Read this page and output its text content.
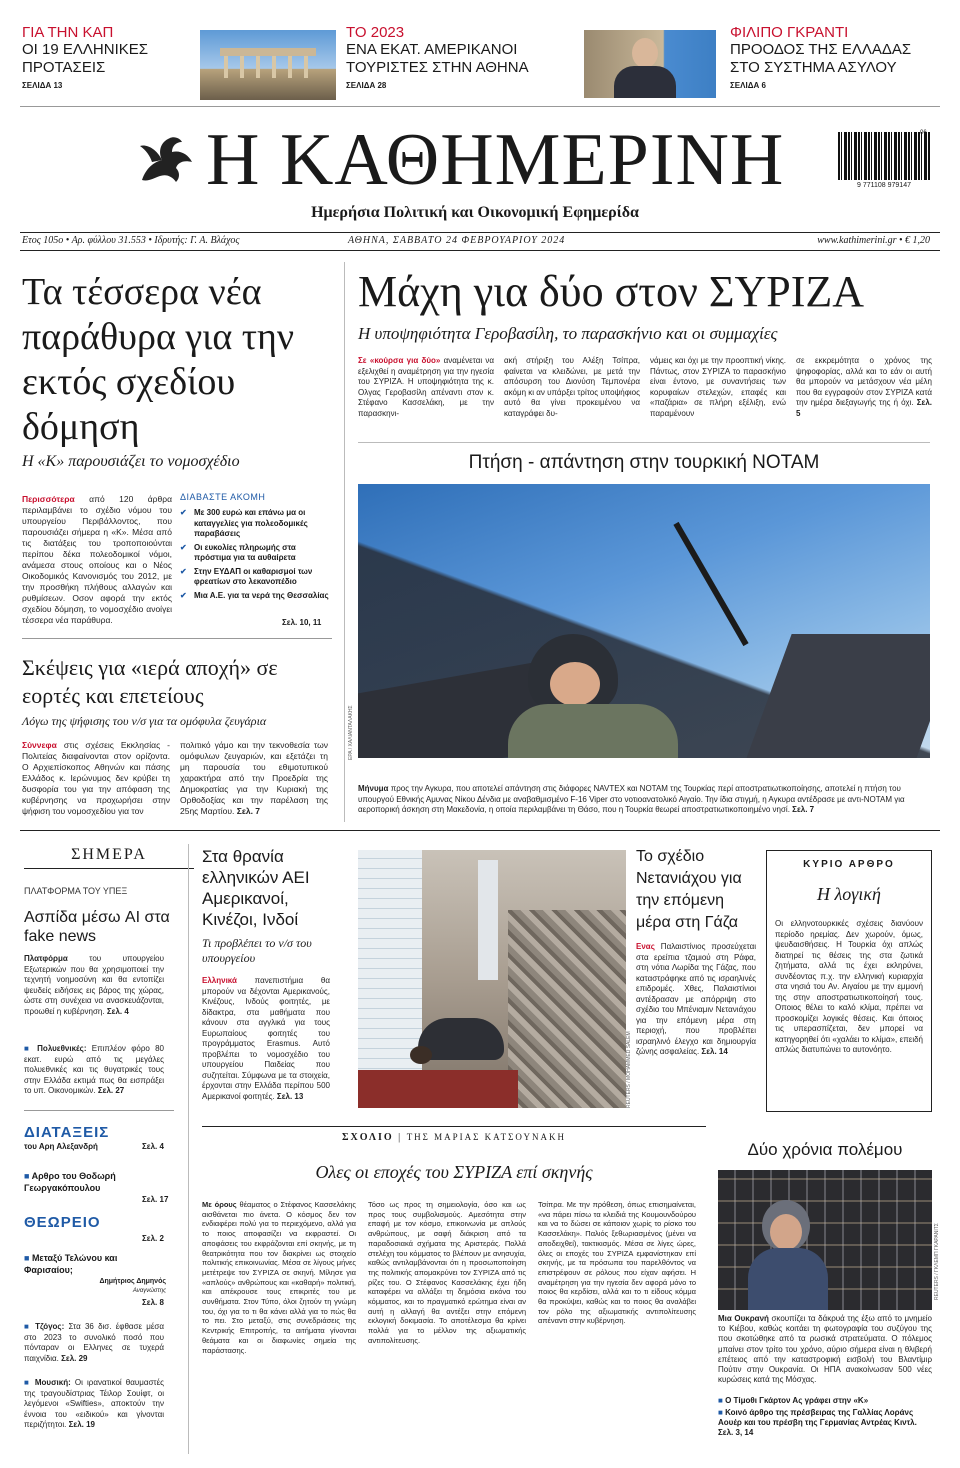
ΓΙΑ ΤΗΝ ΚΑΠ
ΟΙ 19 ΕΛΛΗΝΙΚΕΣ ΠΡΟΤΑΣΕΙΣ
ΣΕΛΙΔΑ 13
ΤΟ 2023
ΕΝΑ ΕΚΑΤ. ΑΜΕΡΙΚΑΝΟΙ ΤΟΥΡΙΣΤΕΣ ΣΤΗΝ ΑΘΗΝΑ
ΣΕΛΙΔΑ 28
ΦΙΛΙΠΟ ΓΚΡΑΝΤΙ
ΠΡΟΟΔΟΣ ΤΗΣ ΕΛΛΑΔΑΣ ΣΤΟ ΣΥΣΤΗΜΑ ΑΣΥΛΟΥ
ΣΕΛΙΔΑ 6
Η ΚΑΘΗΜΕΡΙΝΗ
Ημερήσια Πολιτική και Οικονομική Εφημερίδα
06
9 771108 979147
Ετος 105ο • Αρ. φύλλου 31.553 • Ιδρυτής: Γ. Α. Βλάχος	ΑΘΗΝΑ, ΣΑΒΒΑΤΟ 24 ΦΕΒΡΟΥΑΡΙΟΥ 2024	www.kathimerini.gr • € 1,20
Τα τέσσερα νέα παράθυρα για την εκτός σχεδίου δόμηση
Η «Κ» παρουσιάζει το νομοσχέδιο
Περισσότερα από 120 άρθρα περιλαμβάνει το σχέδιο νόμου του υπουργείου Περιβάλλοντος, που παρουσιάζει σήμερα η «Κ». Μέσα από τις διατάξεις του τροποποιούνται περίπου δέκα πολεοδομικοί νόμοι, ανάμεσα στους οποίους και ο Νέος Οικοδομικός Κανονισμός του 2012, με την προσθήκη πλήθους αλλαγών και ρυθμίσεων. Οσον αφορά την εκτός σχεδίου δόμηση, το νομοσχέδιο ανοίγει τέσσερα νέα παράθυρα.
ΔΙΑΒΑΣΤΕ ΑΚΟΜΗ
✔ Με 300 ευρώ και επάνω μα οι καταγγελίες για πολεοδομικές παραβάσεις
✔ Οι ευκολίες πληρωμής στα πρόστιμα για τα αυθαίρετα
✔ Στην ΕΥΔΑΠ οι καθαρισμοί των φρεατίων στο λεκανοπέδιο
✔ Μια Α.Ε. για τα νερά της Θεσσαλίας
Σελ. 10, 11
Σκέψεις για «ιερά αποχή» σε εορτές και επετείους
Λόγω της ψήφισης του ν/σ για τα ομόφυλα ζευγάρια
Σύννεφα στις σχέσεις Εκκλησίας - Πολιτείας διαφαίνονται στον ορίζοντα. Ο Αρχιεπίσκοπος Αθηνών και πάσης Ελλάδος κ. Ιερώνυμος δεν κρύβει τη δυσφορία του για την απόφαση της κυβέρνησης να προχωρήσει στην ψήφιση του νομοσχεδίου για τον
πολιτικό γάμο και την τεκνοθεσία των ομόφυλων ζευγαριών, και εξετάζει τη μη παρουσία του εθιμοτυπικού χαρακτήρα από την Προεδρία της Δημοκρατίας για την Κυριακή της Ορθοδοξίας και την παρέλαση της 25ης Μαρτίου. Σελ. 7
Μάχη για δύο στον ΣΥΡΙΖΑ
Η υποψηφιότητα Γεροβασίλη, το παρασκήνιο και οι συμμαχίες
Σε «κούρσα για δύο» αναμένεται να εξελιχθεί η αναμέτρηση για την ηγεσία του ΣΥΡΙΖΑ. Η υποψηφιότητα της κ. Ολγας Γεροβασίλη απέναντι στον κ. Στέφανο Κασσελάκη, με την παρασκηνι-
ακή στήριξη του Αλέξη Τσίπρα, φαίνεται να κλειδώνει, με μετά την απόσυρση του Διονύση Τεμπονέρα ακόμη κι αν υπάρξει τρίτος υποψήφιος αυτό θα γίνει προκειμένου να καταγράφει δυ-
νάμεις και όχι με την προοπτική νίκης. Πάντως, στον ΣΥΡΙΖΑ το παρασκήνιο είναι έντονο, με συναντήσεις των κορυφαίων στελεχών, επαφές και «παζάρια» σε πλήρη εξέλιξη, ενώ παραμένουν
σε εκκρεμότητα ο χρόνος της ψηφοφορίας, αλλά και το εάν οι αυτή θα μπορούν να μετάσχουν νέα μέλη που θα εγγραφούν στον ΣΥΡΙΖΑ κατά την ημέρα διεξαγωγής της ή όχι. Σελ. 5
Πτήση - απάντηση στην τουρκική NOTAM
EPA / ΧΑΛΙΑΝΤΑΛΑΚΗΣ
Μήνυμα προς την Αγκυρα, που αποτελεί απάντηση στις διάφορες NAVTEX και NOTAM της Τουρκίας περί αποστρατιωτικοποίησης, αποτελεί η πτήση του υπουργού Εθνικής Αμυνας Νίκου Δένδια με αναβαθμισμένο F-16 Viper στο νοτιοανατολικό Αιγαίο. Την ίδια στιγμή, η Αγκυρα αντέδρασε με αντι-NOTAM για αεροπορική άσκηση στη Μακεδονία, η οποία περιλαμβάνει τη Θάσο, που η Τουρκία θεωρεί αποστρατιωτικοποιημένο νησί. Σελ. 7
ΣΗΜΕΡΑ
ΠΛΑΤΦΟΡΜΑ ΤΟΥ ΥΠΕΞ
Ασπίδα μέσω AI στα fake news
Πλατφόρμα του υπουργείου Εξωτερικών που θα χρησιμοποιεί την τεχνητή νοημοσύνη και θα εντοπίζει ψευδείς ειδήσεις εις βάρος της χώρας, ώστε στη συνέχεια να ανασκευάζονται, προωθεί η κυβέρνηση. Σελ. 4
■ Πολυεθνικές: Επιπλέον φόρο 80 εκατ. ευρώ από τις μεγάλες πολυεθνικές και τις θυγατρικές τους στην Ελλάδα εκτιμά πως θα εισπράξει το υπ. Οικονομικών. Σελ. 27
ΔΙΑΤΑΞΕΙΣ
του Αρη Αλεξανδρή	Σελ. 4
■ Αρθρο του Θοδωρή Γεωργακόπουλου
Σελ. 17
ΘΕΩΡΕΙΟ
Σελ. 2
■ Μεταξύ Τελώνου και Φαρισαίου;
Δημήτριος Δημηνός
Αναγνώστης
Σελ. 8
■ Τζόγος: Στα 36 δισ. έφθασε μέσα στο 2023 το συνολικό ποσό που πόνταραν οι Ελληνες σε τυχερά παιχνίδια. Σελ. 29
■ Μουσική: Οι ιρανατικοί θαυμαστές της τραγουδίστριας Τέιλορ Σουίφτ, οι λεγόμενοι «Swifties», αποκτούν την έννοια του «ειδικού» και γίνονται περιζήτητοι. Σελ. 19
Στα θρανία ελληνικών ΑΕΙ Αμερικανοί, Κινέζοι, Ινδοί
Τι προβλέπει το ν/σ του υπουργείου
Ελληνικά πανεπιστήμια θα μπορούν να δέχονται Αμερικανούς, Κινέζους, Ινδούς φοιτητές, με δίδακτρα, στα μαθήματα που κάνουν στα αγγλικά για τους Ευρωπαίους φοιτητές του προγράμματος Erasmus. Αυτό προβλέπει το νομοσχέδιο του υπουργείου Παιδείας που συζητείται. Σύμφωνα με τα στοιχεία, έρχονται στην Ελλάδα περίπου 500 Αμερικανοί φοιτητές. Σελ. 13	REUTERS / MOHAMMED SALEM
Το σχέδιο Νετανιάχου για την επόμενη μέρα στη Γάζα
Ενας Παλαιστίνιος προσεύχεται στα ερείπια τζαμιού στη Ράφα, στη νότια Λωρίδα της Γάζας, που καταστράφηκε από τις ισραηλινές επιδρομές. Χθες, Παλαιστίνιοι αντέδρασαν με απόρριψη στο σχέδιο του Μπένιαμιν Νετανιάχου για την επόμενη μέρα στη περιοχή, που προβλέπει ισραηλινό έλεγχο και δημιουργία ζώνης ασφαλείας. Σελ. 14
ΚΥΡΙΟ ΑΡΘΡΟ
Η λογική
Οι ελληνοτουρκικές σχέσεις διανύουν περίοδο ηρεμίας. Δεν χωρούν, όμως, ψευδαισθήσεις. Η Τουρκία όχι απλώς διατηρεί τις θέσεις της στα ζωτικά ζητήματα, αλλά τις έχει εκληρύνει, συνδέοντας π.χ. την ελληνική κυριαρχία στα νησιά του Αν. Αιγαίου με την εμμονή της στην αποστρατιωτικοποίησή τους. Οποιος θέλει το καλό κλίμα, πρέπει να προσκομίζει λογικές θέσεις. Και όποιος τις υπερασπίζεται, δεν μπορεί να κατηγορηθεί ότι «χαλάει το κλίμα», επειδή απλώς διατυπώνει το αυτονόητο.
ΣΧΟΛΙΟ | ΤΗΣ ΜΑΡΙΑΣ ΚΑΤΣΟΥΝΑΚΗ
Ολες οι εποχές του ΣΥΡΙΖΑ επί σκηνής
Με όρους θέαματος ο Στέφανος Κασσελάκης αισθάνεται πιο άνετα. Ο κόσμος δεν τον ενδιαφέρει πολύ για το περιεχόμενο, αλλά για το ποιος αποφασίζει να εκφραστεί. Οι αποφάσεις του εκφράζονται επί σκηνής, με τη θεατρικότητα που τον διακρίνει ως στοιχείο πολιτικής επικοινωνίας. Μέσα σε λίγους μήνες μετέτρεψε τον ΣΥΡΙΖΑ σε σκηνή. Μίλησε για «απλούς» ανθρώπους και «καθαρή» πολιτική, και απέκρουσε τους επικριτές του με συνθήματα. Στον Τύπο, όλοι ζητούν τη γνώμη του, όχι για το τι θα κάνει αλλά για το πώς θα το πει. Στο μεταξύ, στις συνεδριάσεις της Κεντρικής Επιτροπής, τα αιτήματα γίνονται θεάματα και οι διαφωνίες σημεία της παράστασης.
Τόσο ως προς τη σημειολογία, όσο και ως προς τους συμβολισμούς. Αμεσότητα στην επαφή με τον κόσμο, επικοινωνία με απλούς ανθρώπους, με σαφή διάκριση από τα παραδοσιακά σχήματα της Αριστεράς. Πολλά στελέχη του κόμματος το βλέπουν με ανησυχία, καθώς αντιλαμβάνονται ότι η προσωποποίηση της πολιτικής απομακρύνει τον ΣΥΡΙΖΑ από τις ρίζες του. Ο Στέφανος Κασσελάκης έχει ήδη καταφέρει να αλλάξει τη δημόσια εικόνα του κόμματος, και το πραγματικό ερώτημα είναι αν αυτή η αλλαγή θα αντέξει στην επόμενη εκλογική δοκιμασία. Το αποτέλεσμα θα κρίνει πολλά για το μέλλον της αξιωματικής αντιπολίτευσης.
Τσίπρα. Με την πρόθεση, όπως επισημαίνεται, «να πάρει πίσω τα κλειδιά της Κουμουνδούρου και να το δώσει σε κάποιον χωρίς το ρίσκο του Κασσελάκη». Παλιός ξεθωριασμένος (μένει να αποδειχθεί), τακτικισμός. Μέσα σε λίγες ώρες, όλες οι εποχές του ΣΥΡΙΖΑ εμφανίστηκαν επί σκηνής, με τα πρόσωπα του παρελθόντος να επιστρέφουν σε ρόλους που είχαν αφήσει. Η αναμέτρηση για την ηγεσία δεν αφορά μόνο το ποιος θα κερδίσει, αλλά και το τι είδους κόμμα θα προκύψει, καθώς και το ποιος θα αναλάβει τον ρόλο της αξιωματικής αντιπολίτευσης απέναντι στην κυβέρνηση.
Δύο χρόνια πολέμου
REUTERS / ΓΚΛΕΜΠ ΓΚΑΡΑΝΙΤΣ
Μια Ουκρανή σκουπίζει τα δάκρυά της έξω από το μνημείο το Κιέβου, καθώς κοιτάει τη φωτογραφία του συζύγου της που σκοτώθηκε από τα ρωσικά στρατεύματα. Ο πόλεμος μπαίνει στον τρίτο του χρόνο, αύριο σήμερα είναι η θλιβερή επέτειος από την καταστροφική εισβολή του Βλαντίμιρ Πούτιν στην Ουκρανία. Οι ΗΠΑ ανακοίνωσαν 500 νέες κυρώσεις κατά της Μόσχας.
■ Ο Τίμοθι Γκάρτον Ας γράφει στην «Κ»
■ Κοινό άρθρο της πρέσβειρας της Γαλλίας Λοράνς Αουέρ και του πρέσβη της Γερμανίας Αντρέας Κιντλ. Σελ. 3, 14
